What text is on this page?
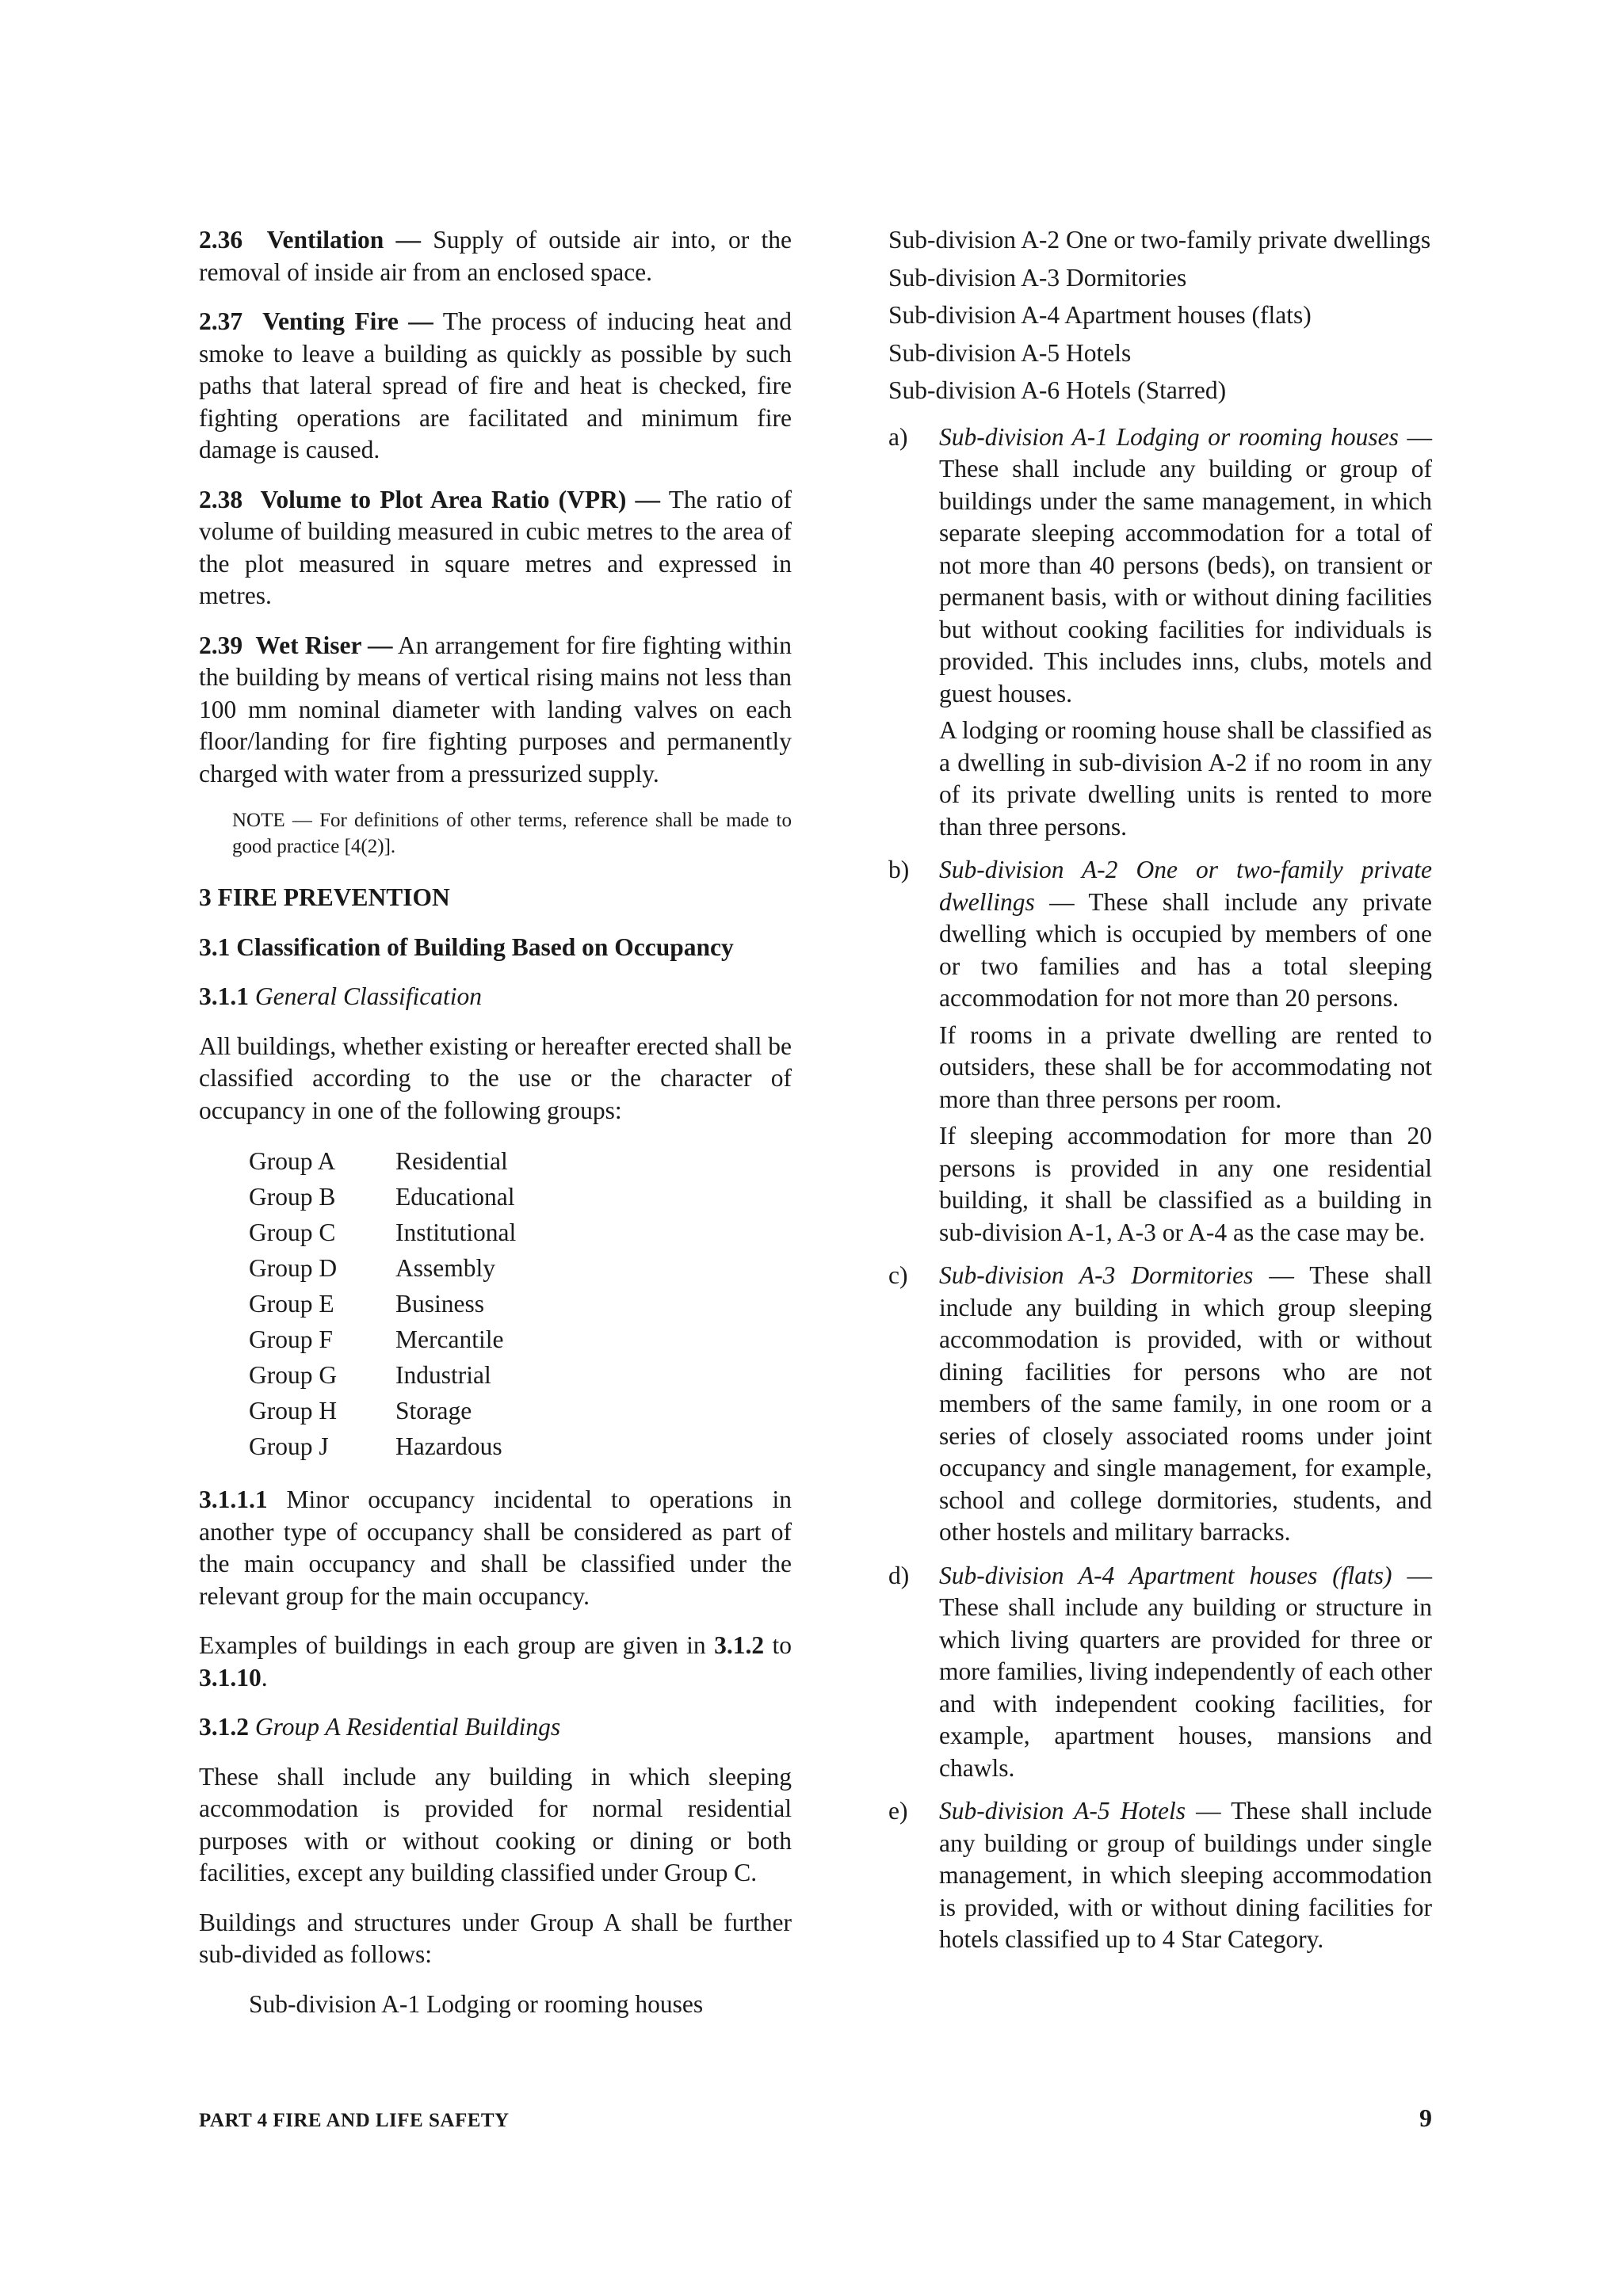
2.36 Ventilation — Supply of outside air into, or the removal of inside air from an enclosed space.

2.37 Venting Fire — The process of inducing heat and smoke to leave a building as quickly as possible by such paths that lateral spread of fire and heat is checked, fire fighting operations are facilitated and minimum fire damage is caused.

2.38 Volume to Plot Area Ratio (VPR) — The ratio of volume of building measured in cubic metres to the area of the plot measured in square metres and expressed in metres.

2.39 Wet Riser — An arrangement for fire fighting within the building by means of vertical rising mains not less than 100 mm nominal diameter with landing valves on each floor/landing for fire fighting purposes and permanently charged with water from a pressurized supply.

NOTE — For definitions of other terms, reference shall be made to good practice [4(2)].
3 FIRE PREVENTION
3.1 Classification of Building Based on Occupancy

3.1.1 General Classification

All buildings, whether existing or hereafter erected shall be classified according to the use or the character of occupancy in one of the following groups:

Group A	Residential
Group B	Educational
Group C	Institutional
Group D	Assembly
Group E	Business
Group F	Mercantile
Group G	Industrial
Group H	Storage
Group J	Hazardous

3.1.1.1 Minor occupancy incidental to operations in another type of occupancy shall be considered as part of the main occupancy and shall be classified under the relevant group for the main occupancy.

Examples of buildings in each group are given in 3.1.2 to 3.1.10.

3.1.2 Group A Residential Buildings

These shall include any building in which sleeping accommodation is provided for normal residential purposes with or without cooking or dining or both facilities, except any building classified under Group C.

Buildings and structures under Group A shall be further sub-divided as follows:

Sub-division A-1 Lodging or rooming houses
Sub-division A-2 One or two-family private dwellings
Sub-division A-3 Dormitories
Sub-division A-4 Apartment houses (flats)
Sub-division A-5 Hotels
Sub-division A-6 Hotels (Starred)
a)	Sub-division A-1 Lodging or rooming houses — These shall include any building or group of buildings under the same management, in which separate sleeping accommodation for a total of not more than 40 persons (beds), on transient or permanent basis, with or without dining facilities but without cooking facilities for individuals is provided. This includes inns, clubs, motels and guest houses.

A lodging or rooming house shall be classified as a dwelling in sub-division A-2 if no room in any of its private dwelling units is rented to more than three persons.

b)	Sub-division A-2 One or two-family private dwellings — These shall include any private dwelling which is occupied by members of one or two families and has a total sleeping accommodation for not more than 20 persons.

If rooms in a private dwelling are rented to outsiders, these shall be for accommodating not more than three persons per room.

If sleeping accommodation for more than 20 persons is provided in any one residential building, it shall be classified as a building in sub-division A-1, A-3 or A-4 as the case may be.

c)	Sub-division A-3 Dormitories — These shall include any building in which group sleeping accommodation is provided, with or without dining facilities for persons who are not members of the same family, in one room or a series of closely associated rooms under joint occupancy and single management, for example, school and college dormitories, students, and other hostels and military barracks.

d)	Sub-division A-4 Apartment houses (flats) — These shall include any building or structure in which living quarters are provided for three or more families, living independently of each other and with independent cooking facilities, for example, apartment houses, mansions and chawls.

e)	Sub-division A-5 Hotels — These shall include any building or group of buildings under single management, in which sleeping accommodation is provided, with or without dining facilities for hotels classified up to 4 Star Category.

PART 4 FIRE AND LIFE SAFETY	9
